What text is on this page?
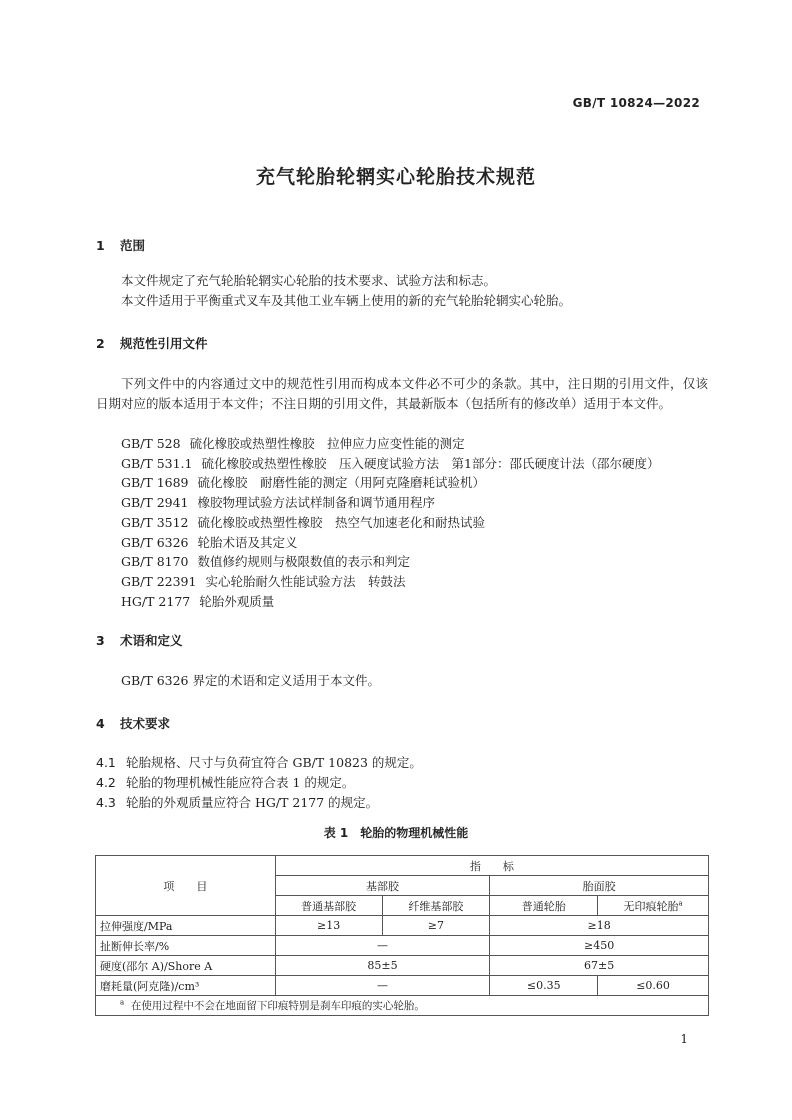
GB/T 10824—2022
充气轮胎轮辋实心轮胎技术规范
1 范围
本文件规定了充气轮胎轮辋实心轮胎的技术要求、试验方法和标志。
本文件适用于平衡重式叉车及其他工业车辆上使用的新的充气轮胎轮辋实心轮胎。
2 规范性引用文件
下列文件中的内容通过文中的规范性引用而构成本文件必不可少的条款。其中，注日期的引用文件，仅该日期对应的版本适用于本文件；不注日期的引用文件，其最新版本（包括所有的修改单）适用于本文件。
GB/T 528 硫化橡胶或热塑性橡胶　拉伸应力应变性能的测定
GB/T 531.1 硫化橡胶或热塑性橡胶　压入硬度试验方法　第1部分：邵氏硬度计法（邵尔硬度）
GB/T 1689 硫化橡胶　耐磨性能的测定（用阿克隆磨耗试验机）
GB/T 2941 橡胶物理试验方法试样制备和调节通用程序
GB/T 3512 硫化橡胶或热塑性橡胶　热空气加速老化和耐热试验
GB/T 6326 轮胎术语及其定义
GB/T 8170 数值修约规则与极限数值的表示和判定
GB/T 22391 实心轮胎耐久性能试验方法　转鼓法
HG/T 2177 轮胎外观质量
3 术语和定义
GB/T 6326 界定的术语和定义适用于本文件。
4 技术要求
4.1 轮胎规格、尺寸与负荷宜符合 GB/T 10823 的规定。
4.2 轮胎的物理机械性能应符合表 1 的规定。
4.3 轮胎的外观质量应符合 HG/T 2177 的规定。
表 1　轮胎的物理机械性能
项　　目	指　　标			
	基部胶		胎面胶	
	普通基部胶	纤维基部胶	普通轮胎	无印痕轮胎$^a$
拉伸强度/MPa	≥13	≥7	≥18	
扯断伸长率/%	—		≥450	
硬度(邵尔 A)/Shore A	85±5		67±5	
磨耗量(阿克隆)/cm³	—		≤0.35	≤0.60
$^a$ 在使用过程中不会在地面留下印痕特别是刹车印痕的实心轮胎。				
1
